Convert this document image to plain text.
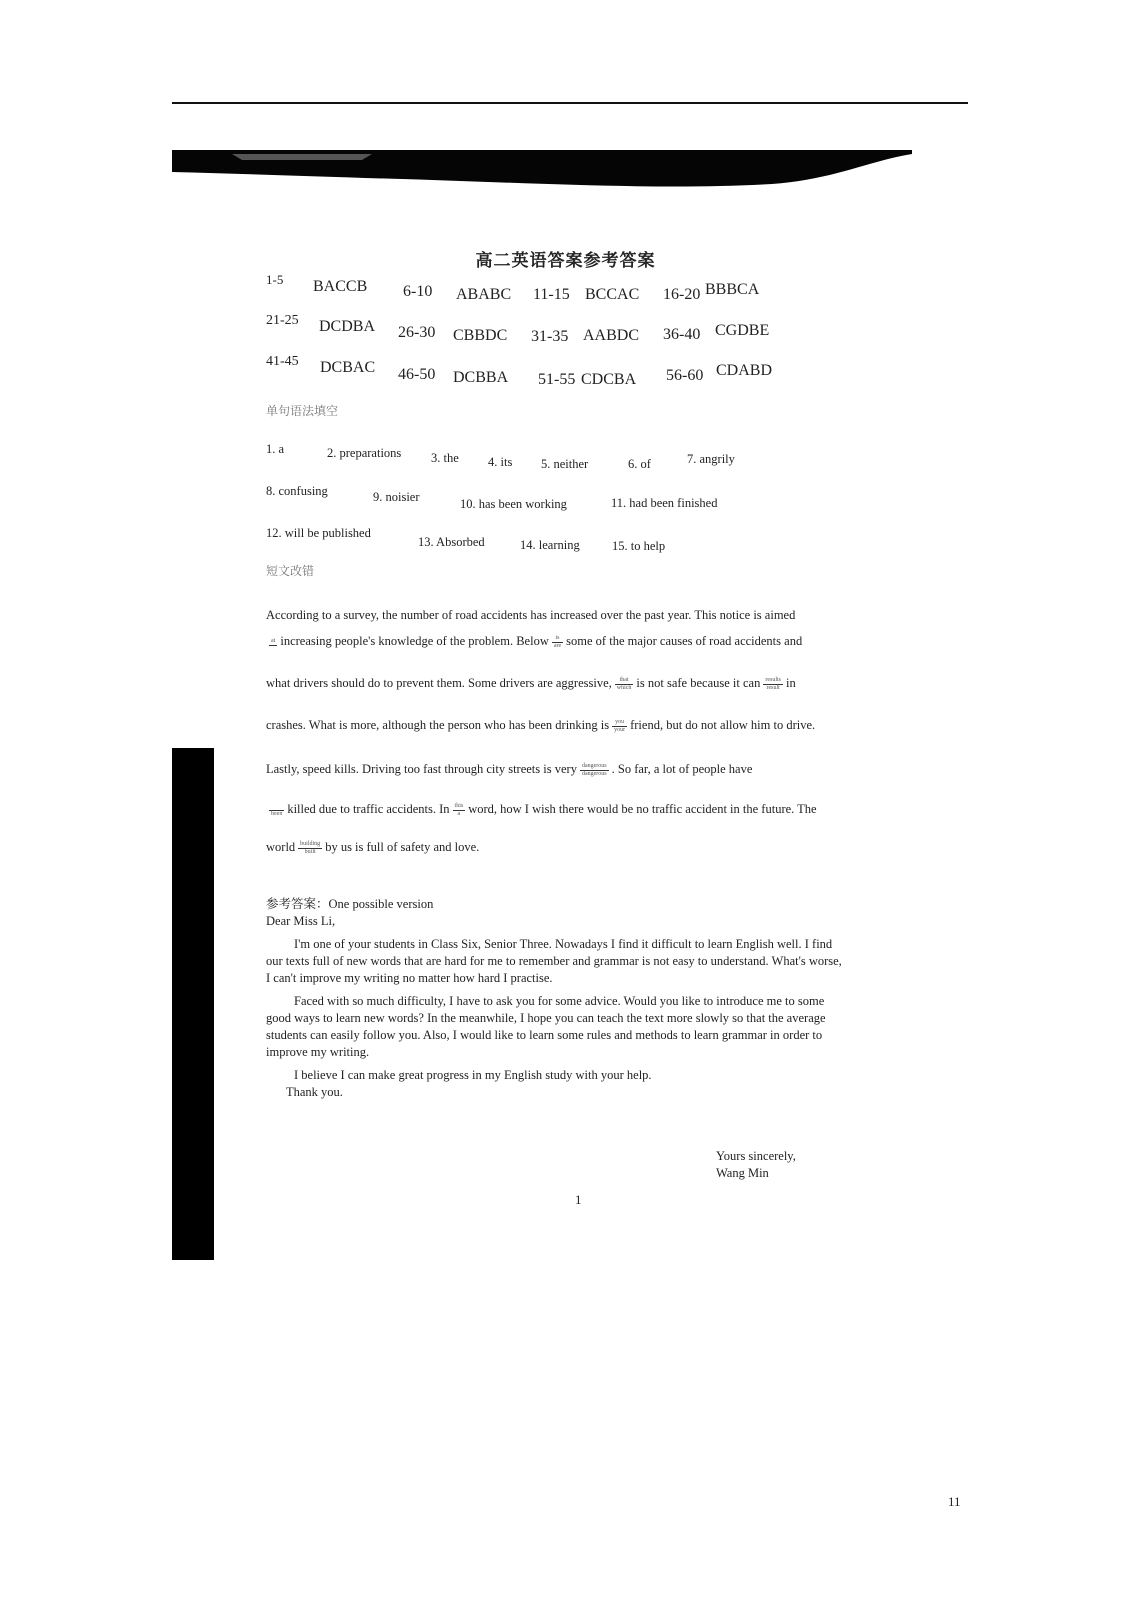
高二英语答案参考答案
1-5 BACCB 6-10 ABABC 11-15 BCCAC 16-20 BBBCA
21-25 DCDBA 26-30 CBBDC 31-35 AABDC 36-40 CGDBE
41-45 DCBAC 46-50 DCBBA 51-55 CDCBA 56-60 CDABD
单句语法填空
1. a	2. preparations 3. the 4. its 5. neither	6. of	7. angrily
8. confusing	9. noisier	10. has been working	11. had been finished
12. will be published
13. Absorbed	14. learning	15. to help
短文改错
According to a survey, the number of road accidents has increased over the past year. This notice is aimed
at increasing people's knowledge of the problem. Below	is
are some of the major causes of road accidents and
what drivers should do to prevent them. Some drivers are aggressive,	that
which is not safe because it can results
result in
crashes. What is more, although the person who has been drinking is	you
your friend, but do not allow him to drive.
Lastly, speed kills. Driving too fast through city streets is very dangerous
dangerous . So far, a lot of people have

been killed due to traffic accidents. In this
a word, how I wish there would be no traffic accident in the future. The
world building
built by us is full of safety and love.

参考答案：One possible version

Dear Miss Li,

I'm one of your students in Class Six, Senior Three. Nowadays I find it difficult to learn English well. I find

our texts full of new words that are hard for me to remember and grammar is not easy to understand. What's worse,

I can't improve my writing no matter how hard I practise.

Faced with so much difficulty, I have to ask you for some advice. Would you like to introduce me to some

good ways to learn new words? In the meanwhile, I hope you can teach the text more slowly so that the average

students can easily follow you. Also, I would like to learn some rules and methods to learn grammar in order to

improve my writing.

I believe I can make great progress in my English study with your help.

Thank you.

Yours sincerely,

Wang Min

1
11
